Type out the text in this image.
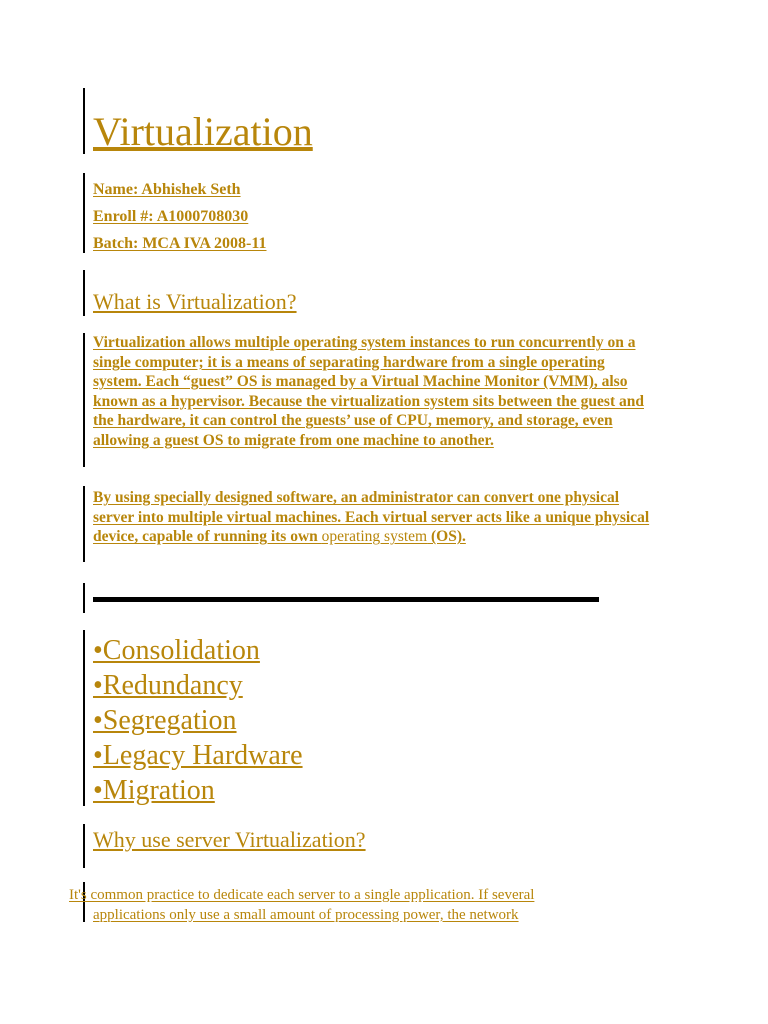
Virtualization
Name: Abhishek Seth
Enroll #: A1000708030
Batch: MCA IVA 2008-11
What is Virtualization?
Virtualization allows multiple operating system instances to run concurrently on a single computer; it is a means of separating hardware from a single operating system. Each “guest” OS is managed by a Virtual Machine Monitor (VMM), also known as a hypervisor. Because the virtualization system sits between the guest and the hardware, it can control the guests’ use of CPU, memory, and storage, even allowing a guest OS to migrate from one machine to another.
By using specially designed software, an administrator can convert one physical server into multiple virtual machines. Each virtual server acts like a unique physical device, capable of running its own operating system (OS).
•Consolidation
•Redundancy
•Segregation
•Legacy Hardware
•Migration
Why use server Virtualization?
It's common practice to dedicate each server to a single application. If several
applications only use a small amount of processing power, the network
